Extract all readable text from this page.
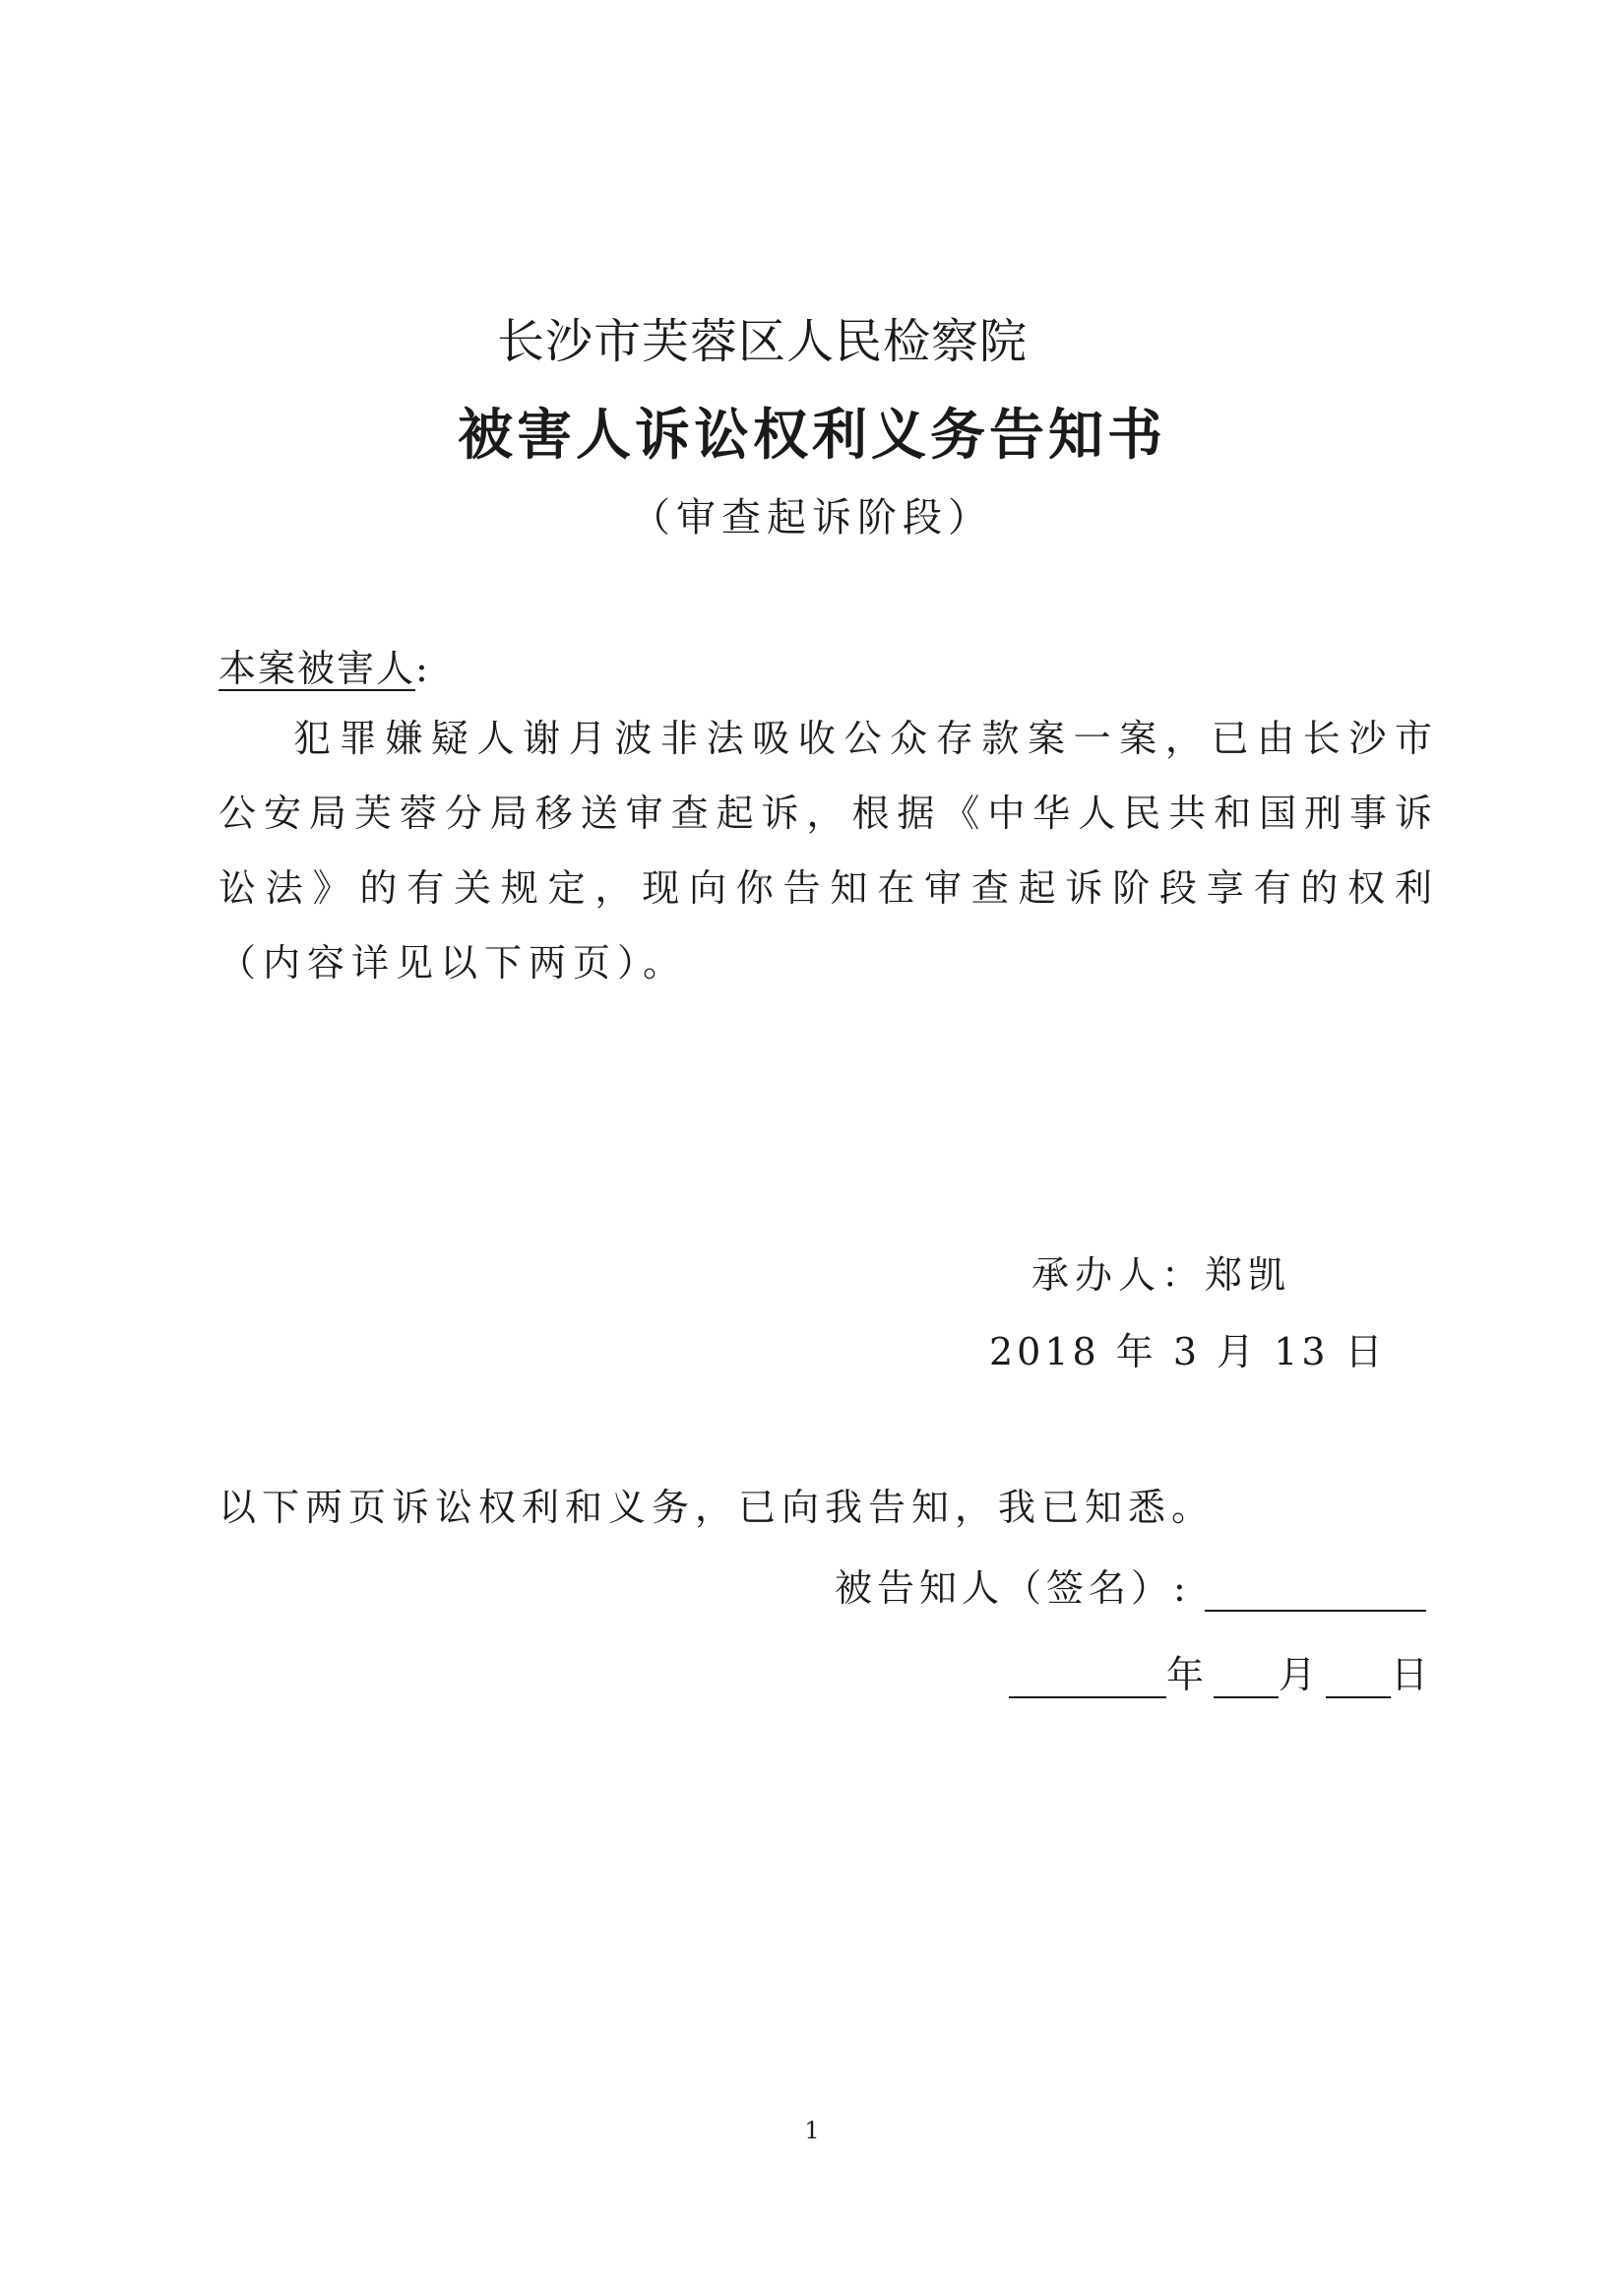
长沙市芙蓉区人民检察院
被害人诉讼权利义务告知书
（审查起诉阶段）
本案被害人:
犯罪嫌疑人谢月波非法吸收公众存款案一案，已由长沙市公安局芙蓉分局移送审查起诉，根据《中华人民共和国刑事诉讼法》的有关规定，现向你告知在审查起诉阶段享有的权利（内容详见以下两页）。
承办人：郑凯
2018 年 3 月 13 日
以下两页诉讼权利和义务，已向我告知，我已知悉。
被告知人（签名）:
年 月 日
1
